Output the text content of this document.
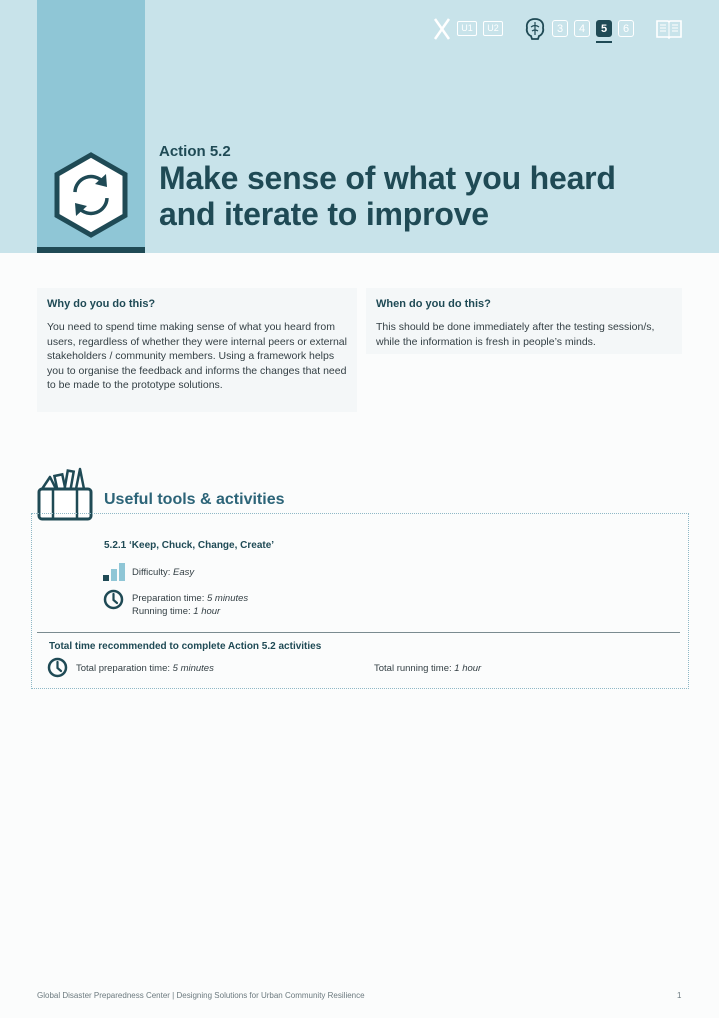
U1	U2	3	4	5	6
Action 5.2
Make sense of what you heard
and iterate to improve
Why do you do this?

You need to spend time making sense of what you heard from users, regardless of whether they were internal peers or external stakeholders / community members. Using a framework helps you to organise the feedback and informs the changes that need to be made to the prototype solutions.

When do you do this?

This should be done immediately after the testing session/s, while the information is fresh in people’s minds.

Useful tools & activities
5.2.1 ‘Keep, Chuck, Change, Create’
Difficulty: Easy
Preparation time: 5 minutes
Running time: 1 hour
Total time recommended to complete Action 5.2 activities
Total preparation time: 5 minutes	Total running time: 1 hour
Global Disaster Preparedness Center | Designing Solutions for Urban Community Resilience	1
